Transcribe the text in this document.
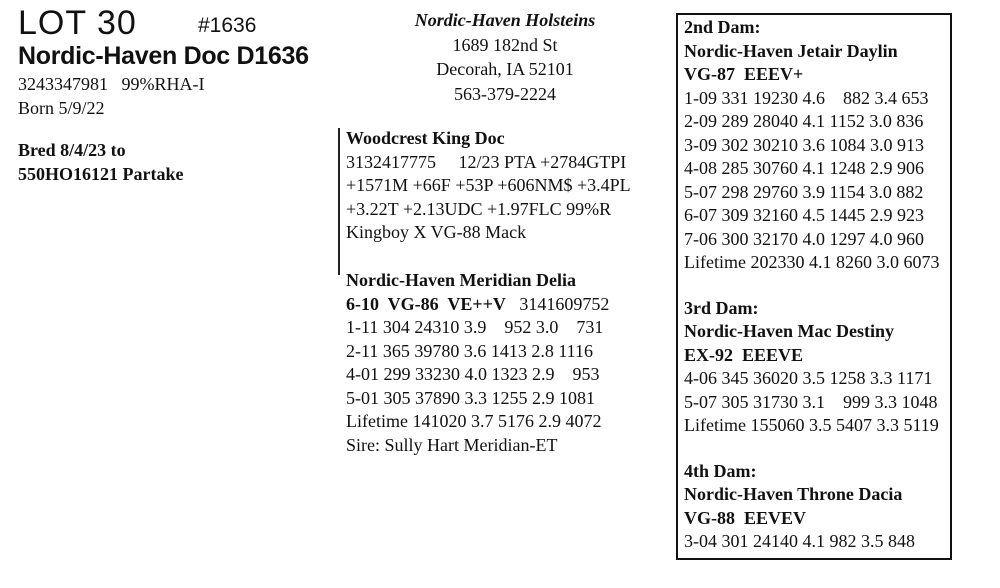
LOT 30	#1636
Nordic-Haven Doc D1636
3243347981   99%RHA-I
Born 5/9/22
Bred 8/4/23 to
550HO16121 Partake
Nordic-Haven Holsteins
1689 182nd St
Decorah, IA 52101
563-379-2224
Woodcrest King Doc
3132417775     12/23 PTA +2784GTPI
+1571M +66F +53P +606NM$ +3.4PL
+3.22T +2.13UDC +1.97FLC 99%R
Kingboy X VG-88 Mack
Nordic-Haven Meridian Delia
6-10  VG-86  VE++V 3141609752
1-11 304 24310 3.9    952 3.0    731
2-11 365 39780 3.6 1413 2.8 1116
4-01 299 33230 4.0 1323 2.9    953
5-01 305 37890 3.3 1255 2.9 1081
Lifetime 141020 3.7 5176 2.9 4072
Sire: Sully Hart Meridian-ET
2nd Dam:
Nordic-Haven Jetair Daylin
VG-87  EEEV+
1-09 331 19230 4.6    882 3.4 653
2-09 289 28040 4.1 1152 3.0 836
3-09 302 30210 3.6 1084 3.0 913
4-08 285 30760 4.1 1248 2.9 906
5-07 298 29760 3.9 1154 3.0 882
6-07 309 32160 4.5 1445 2.9 923
7-06 300 32170 4.0 1297 4.0 960
Lifetime 202330 4.1 8260 3.0 6073
3rd Dam:
Nordic-Haven Mac Destiny
EX-92  EEEVE
4-06 345 36020 3.5 1258 3.3 1171
5-07 305 31730 3.1    999 3.3 1048
Lifetime 155060 3.5 5407 3.3 5119
4th Dam:
Nordic-Haven Throne Dacia
VG-88  EEVEV
3-04 301 24140 4.1 982 3.5 848
